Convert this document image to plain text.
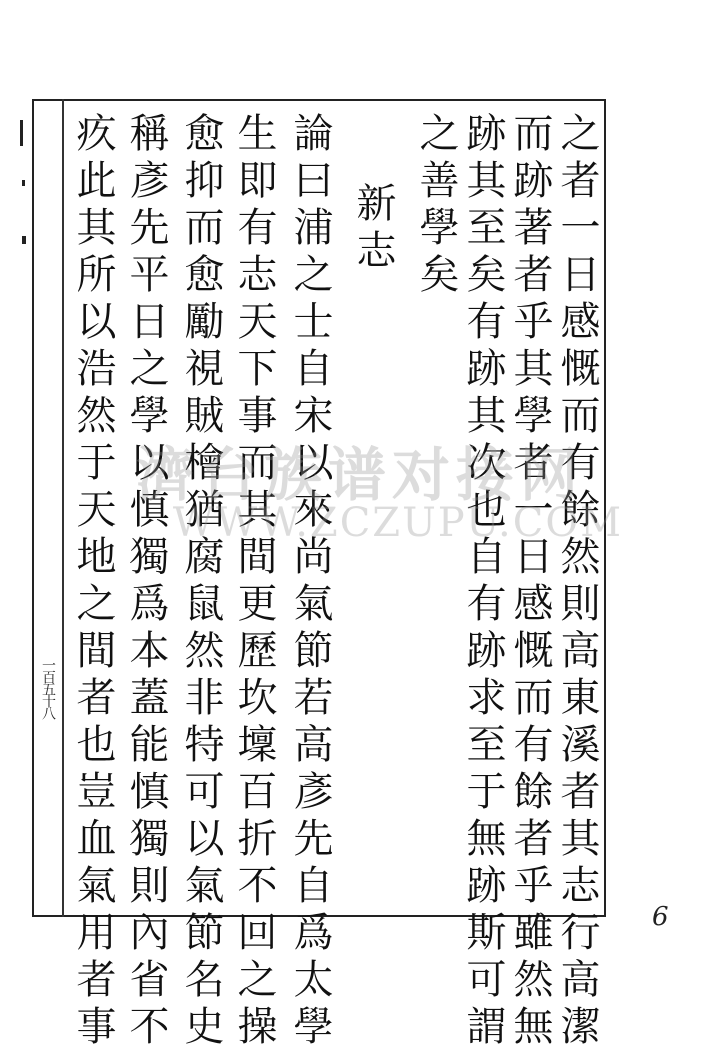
之者一日感慨而有餘然則高東溪者其志行高潔
而跡著者乎其學者一日感慨而有餘者乎雖然無
跡其至矣有跡其次也自有跡求至于無跡斯可謂
之善學矣
新志
論曰浦之士自宋以來尚氣節若高彥先自爲太學
生即有志天下事而其間更歷坎壈百折不回之操
愈抑而愈勵視賊檜猶腐鼠然非特可以氣節名史
稱彥先平日之學以慎獨爲本蓋能慎獨則內省不
疚此其所以浩然于天地之間者也豈血氣用者事
一百五十八
6
濟台族谱对接网
WWW.ZCZUPU.COM
